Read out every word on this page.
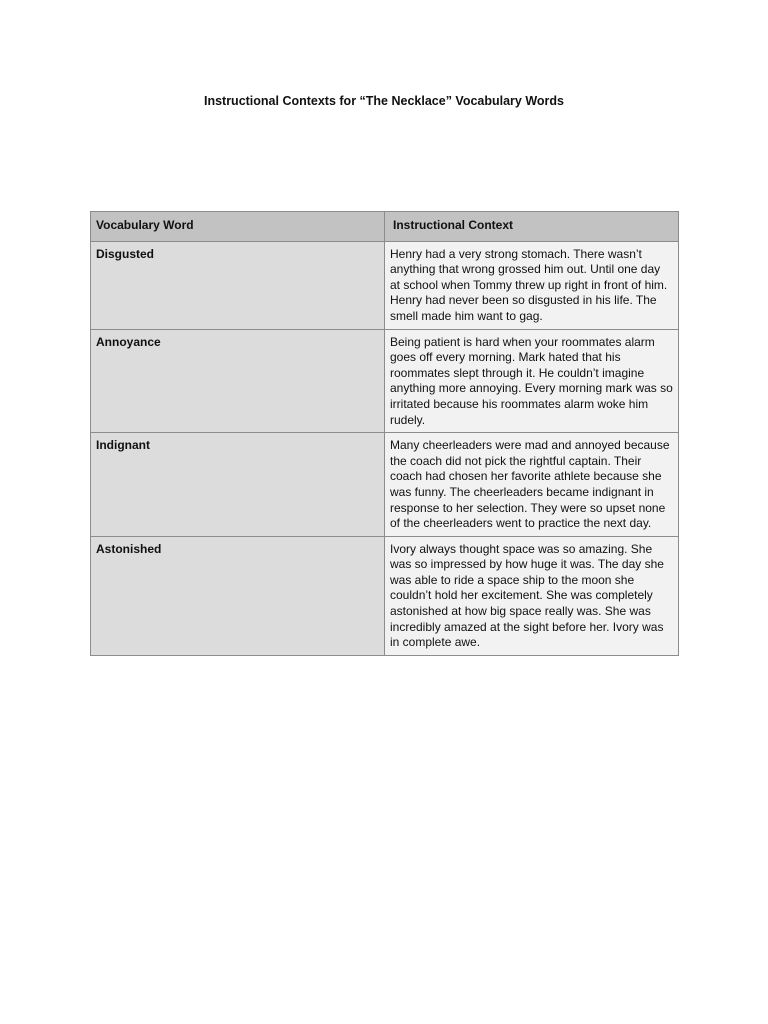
Instructional Contexts for “The Necklace” Vocabulary Words
Vocabulary Word	Instructional Context
Disgusted	Henry had a very strong stomach. There wasn’t anything that wrong grossed him out. Until one day at school when Tommy threw up right in front of him. Henry had never been so disgusted in his life. The smell made him want to gag.
Annoyance	Being patient is hard when your roommates alarm goes off every morning. Mark hated that his roommates slept through it. He couldn’t imagine anything more annoying. Every morning mark was so irritated because his roommates alarm woke him rudely.
Indignant	Many cheerleaders were mad and annoyed because the coach did not pick the rightful captain. Their coach had chosen her favorite athlete because she was funny. The cheerleaders became indignant in response to her selection. They were so upset none of the cheerleaders went to practice the next day.
Astonished	Ivory always thought space was so amazing. She was so impressed by how huge it was. The day she was able to ride a space ship to the moon she couldn’t hold her excitement. She was completely astonished at how big space really was. She was incredibly amazed at the sight before her. Ivory was in complete awe.
